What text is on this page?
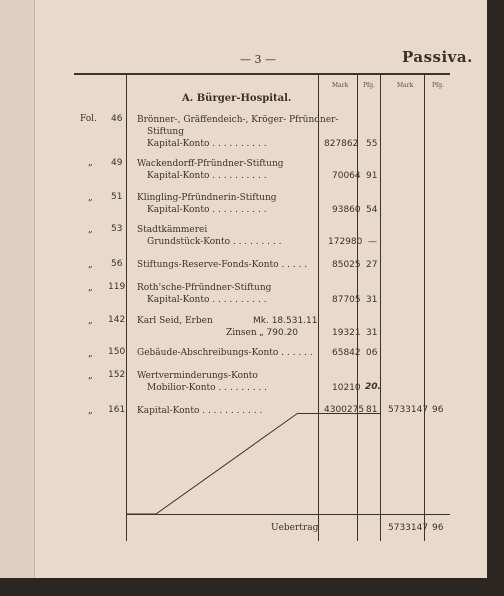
— 3 —	Passiva.
Mark Pfg.	Mark	Pfg.
A. Bürger-Hospital.
Fol. 46 Brönner-, Gräffendeich-, Kröger- Pfründner-
Stiftung
Kapital-Konto . . . . . . . . . .	827862 55
„ 49 Wackendorff-Pfründner-Stiftung
Kapital-Konto . . . . . . . . . .	70064 91
„ 51 Klingling-Pfründnerin-Stiftung
Kapital-Konto . . . . . . . . . .	93860 54
„ 53 Stadtkämmerei
Grundstück-Konto . . . . . . . . .	172980 —
„ 56 Stiftungs-Reserve-Fonds-Konto . . . . .	85025 27
„ 119 Roth'sche-Pfründner-Stiftung
Kapital-Konto . . . . . . . . . .	87705 31
„ 142 Karl Seid, Erben	Mk. 18.531.11
Zinsen „ 790.20	19321 31
„ 150 Gebäude-Abschreibungs-Konto . . . . . . 65842 06
„ 152 Wertverminderungs-Konto
Mobilior-Konto . . . . . . . . .	10210 20.
„ 161 Kapital-Konto . . . . . . . . . . .	4300275 81 5733147 96
Uebertrag	5733147 96
